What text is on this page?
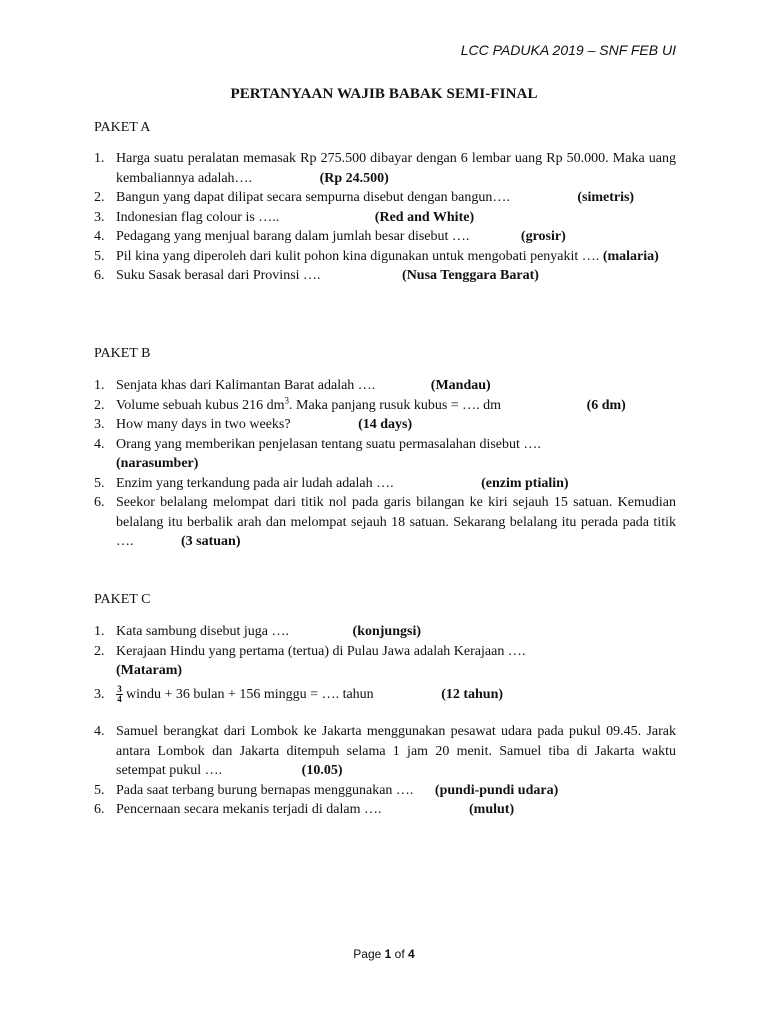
LCC PADUKA 2019 – SNF FEB UI
PERTANYAAN WAJIB BABAK SEMI-FINAL
PAKET A
1. Harga suatu peralatan memasak Rp 275.500 dibayar dengan 6 lembar uang Rp 50.000. Maka uang kembaliannya adalah….	(Rp 24.500)
2. Bangun yang dapat dilipat secara sempurna disebut dengan bangun….	(simetris)
3. Indonesian flag colour is …..	(Red and White)
4. Pedagang yang menjual barang dalam jumlah besar disebut ….	(grosir)
5. Pil kina yang diperoleh dari kulit pohon kina digunakan untuk mengobati penyakit …. (malaria)
6. Suku Sasak berasal dari Provinsi ….	(Nusa Tenggara Barat)
PAKET B
1. Senjata khas dari Kalimantan Barat adalah ….	(Mandau)
2. Volume sebuah kubus 216 $dm^3$. Maka panjang rusuk kubus = …. dm	(6 dm)
3. How many days in two weeks?	(14 days)
4. Orang yang memberikan penjelasan tentang suatu permasalahan disebut ….
(narasumber)
5. Enzim yang terkandung pada air ludah adalah ….	(enzim ptialin)
6. Seekor belalang melompat dari titik nol pada garis bilangan ke kiri sejauh 15 satuan. Kemudian belalang itu berbalik arah dan melompat sejauh 18 satuan. Sekarang belalang itu perada pada titik ….	(3 satuan)
PAKET C
1. Kata sambung disebut juga ….	(konjungsi)
2. Kerajaan Hindu yang pertama (tertua) di Pulau Jawa adalah Kerajaan ….
(Mataram)
3. $\frac{3}{4}$ windu + 36 bulan + 156 minggu = …. tahun	(12 tahun)
4. Samuel berangkat dari Lombok ke Jakarta menggunakan pesawat udara pada pukul 09.45. Jarak antara Lombok dan Jakarta ditempuh selama 1 jam 20 menit. Samuel tiba di Jakarta waktu setempat pukul ….	(10.05)
5. Pada saat terbang burung bernapas menggunakan …. (pundi-pundi udara)
6. Pencernaan secara mekanis terjadi di dalam ….	(mulut)
Page 1 of 4
